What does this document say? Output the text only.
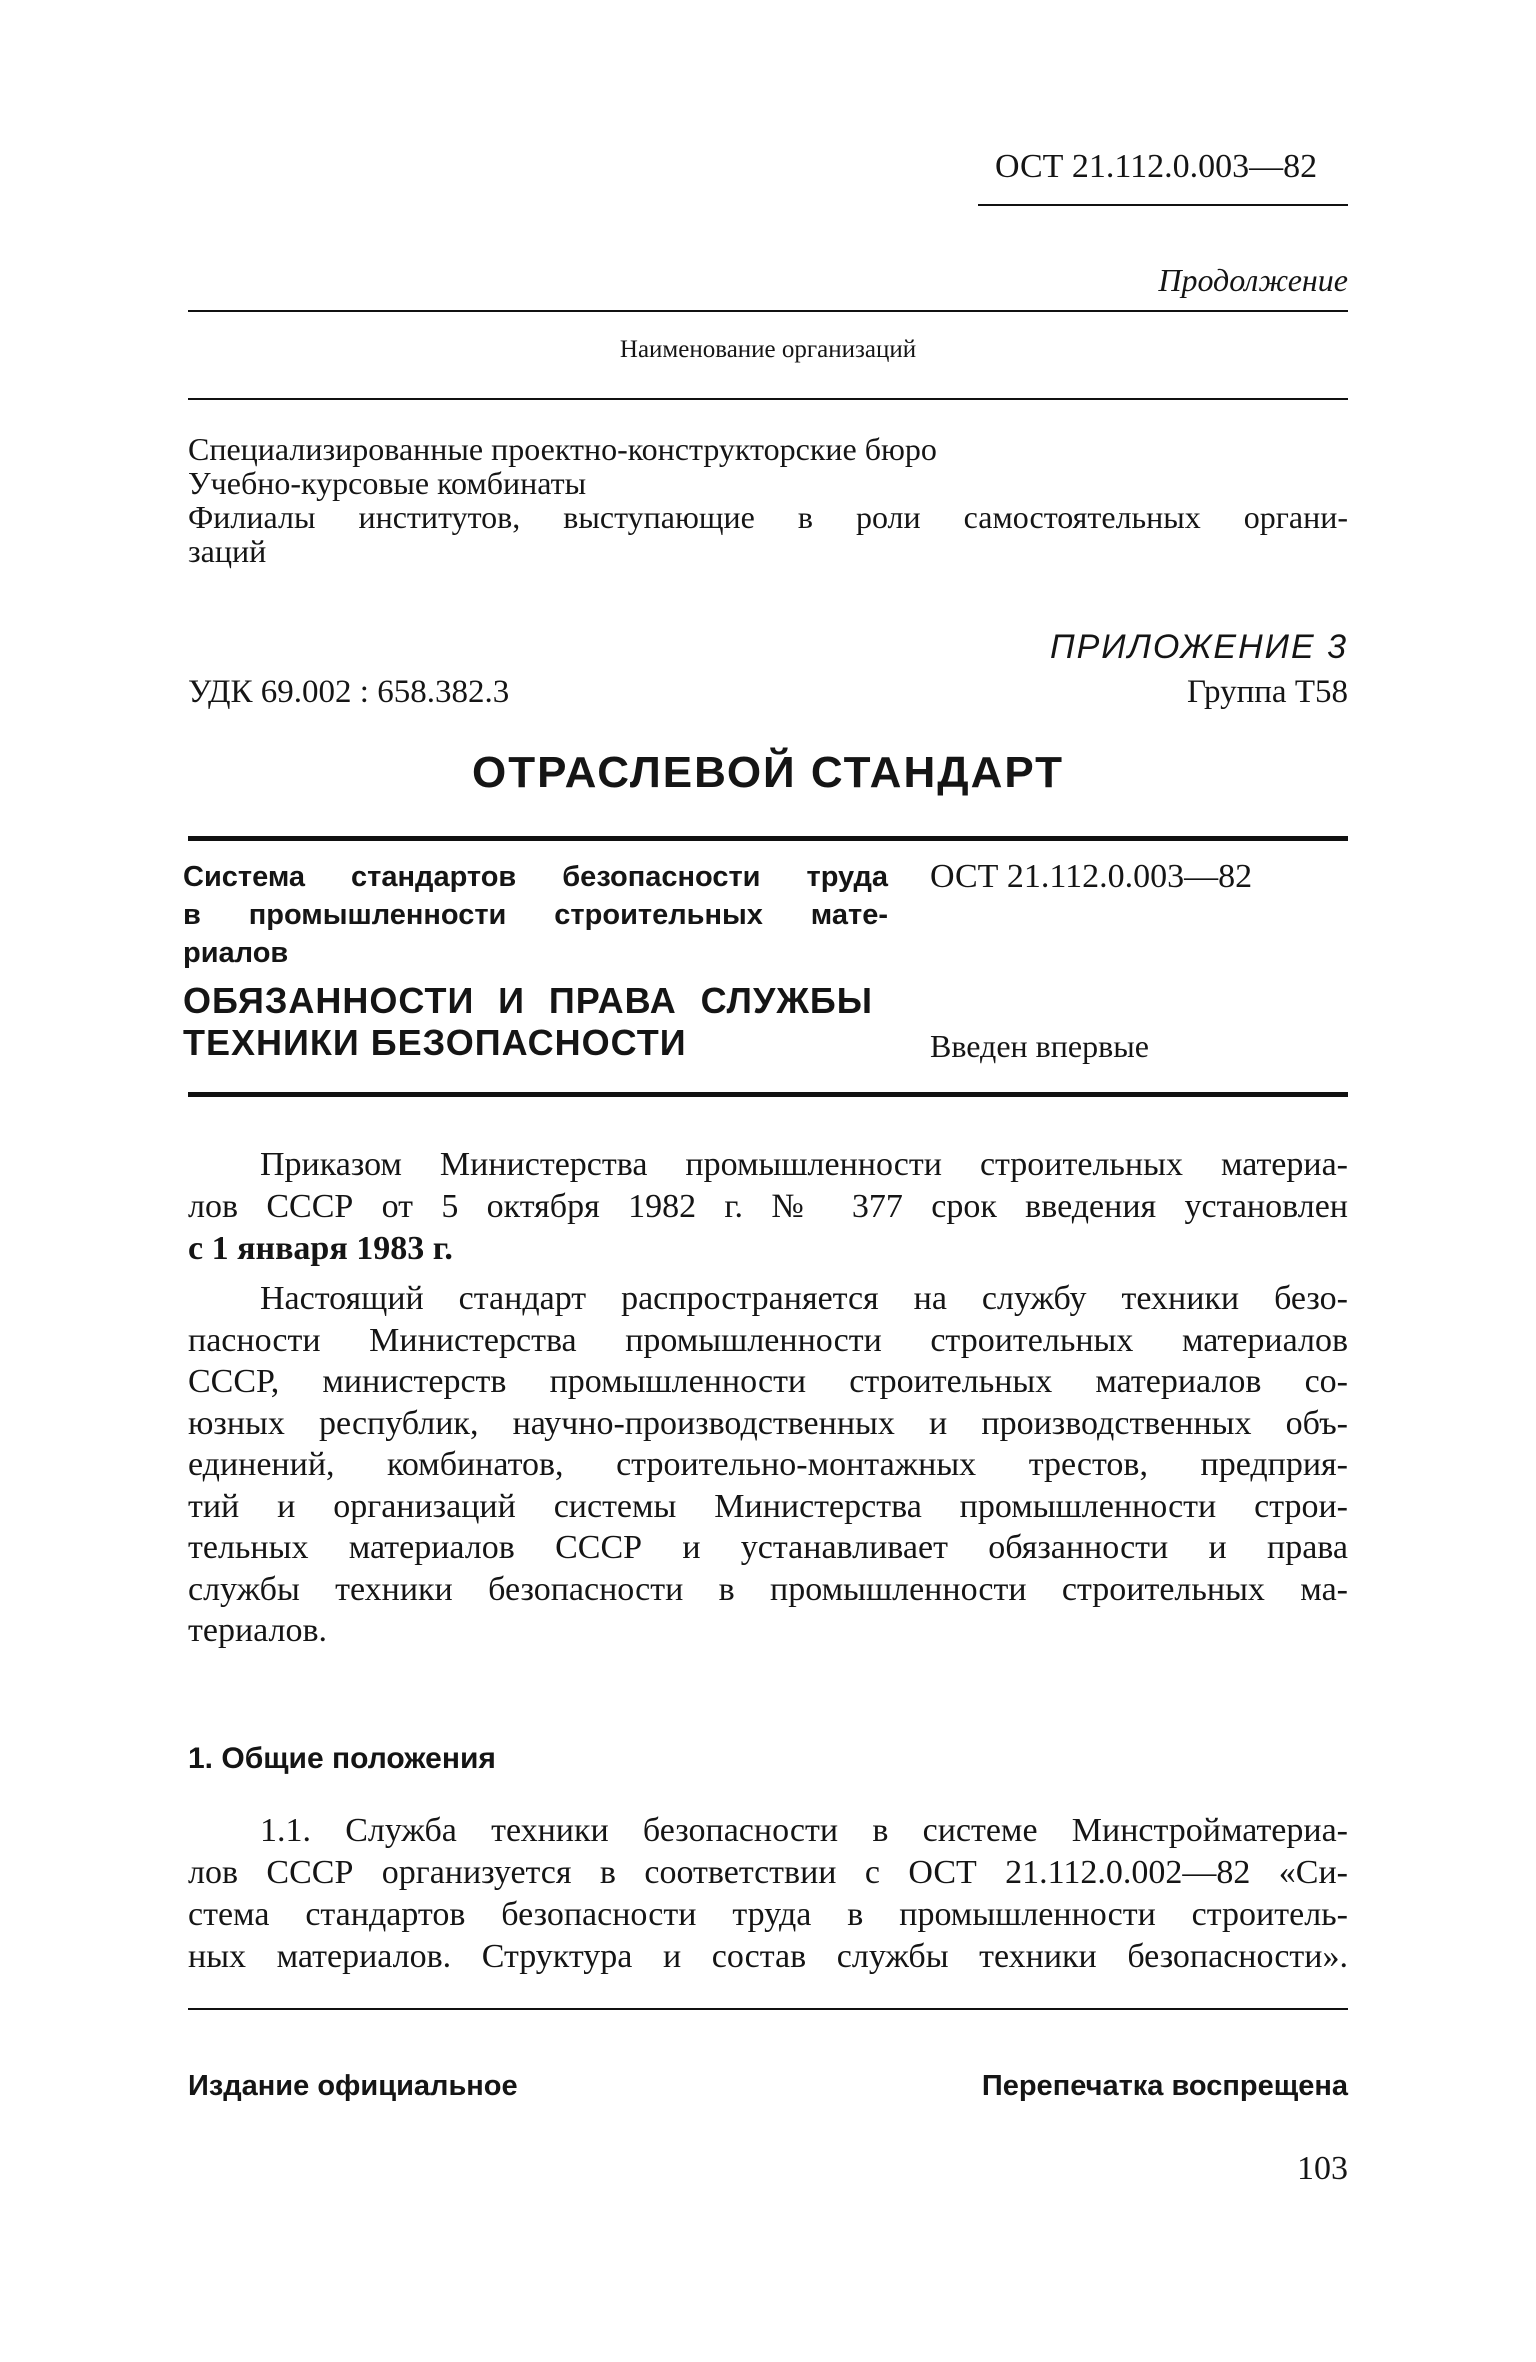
ОСТ 21.112.0.003—82
Продолжение
Наименование организаций
Специализированные проектно-конструкторские бюро
Учебно-курсовые комбинаты
Филиалы институтов, выступающие в роли самостоятельных органи-
заций
ПРИЛОЖЕНИЕ 3
УДК 69.002 : 658.382.3	Группа Т58
ОТРАСЛЕВОЙ СТАНДАРТ
Система стандартов безопасности труда
в промышленности строительных мате-
риалов
ОСТ 21.112.0.003—82
ОБЯЗАННОСТИ И ПРАВА СЛУЖБЫ
ТЕХНИКИ БЕЗОПАСНОСТИ	Введен впервые
Приказом Министерства промышленности строительных материа-
лов СССР от 5 октября 1982 г. № 377 срок введения установлен
с 1 января 1983 г.
Настоящий стандарт распространяется на службу техники безо-
пасности Министерства промышленности строительных материалов
СССР, министерств промышленности строительных материалов со-
юзных республик, научно-производственных и производственных объ-
единений, комбинатов, строительно-монтажных трестов, предприя-
тий и организаций системы Министерства промышленности строи-
тельных материалов СССР и устанавливает обязанности и права
службы техники безопасности в промышленности строительных ма-
териалов.
1. Общие положения
1.1. Служба техники безопасности в системе Минстройматериа-
лов СССР организуется в соответствии с ОСТ 21.112.0.002—82 «Си-
стема стандартов безопасности труда в промышленности строитель-
ных материалов. Структура и состав службы техники безопасности».
Издание официальное	Перепечатка воспрещена
103
